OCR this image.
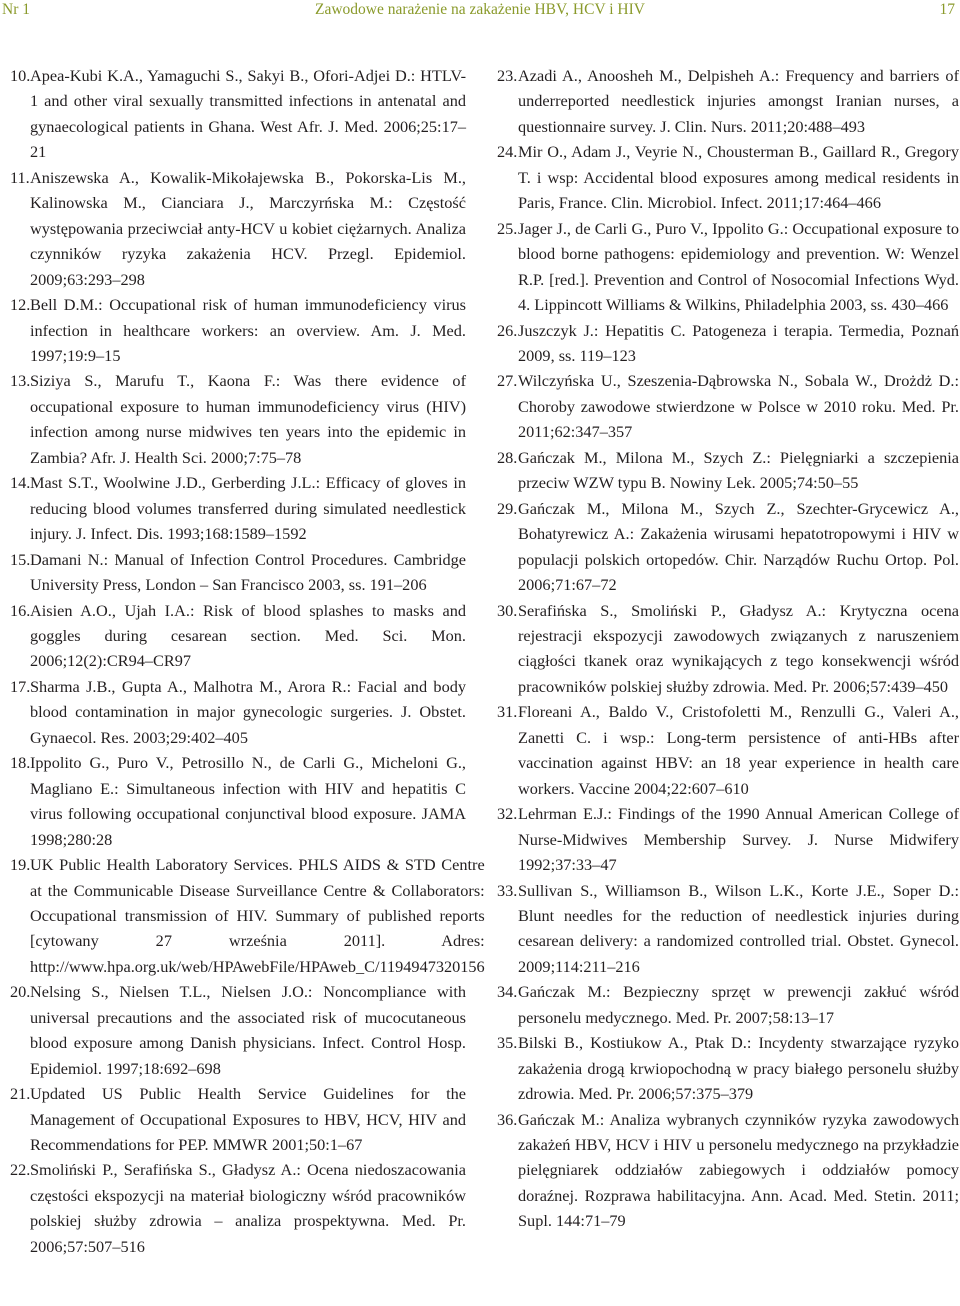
Nr 1	Zawodowe narażenie na zakażenie HBV, HCV i HIV	17
10. Apea-Kubi K.A., Yamaguchi S., Sakyi B., Ofori-Adjei D.: HTLV-1 and other viral sexually transmitted infections in antenatal and gynaecological patients in Ghana. West Afr. J. Med. 2006;25:17–21
11. Aniszewska A., Kowalik-Mikołajewska B., Pokorska-Lis M., Kalinowska M., Cianciara J., Marczyrńska M.: Częstość występowania przeciwciał anty-HCV u kobiet ciężarnych. Analiza czynników ryzyka zakażenia HCV. Przegl. Epidemiol. 2009;63:293–298
12. Bell D.M.: Occupational risk of human immunodeficiency virus infection in healthcare workers: an overview. Am. J. Med. 1997;19:9–15
13. Siziya S., Marufu T., Kaona F.: Was there evidence of occupational exposure to human immunodeficiency virus (HIV) infection among nurse midwives ten years into the epidemic in Zambia? Afr. J. Health Sci. 2000;7:75–78
14. Mast S.T., Woolwine J.D., Gerberding J.L.: Efficacy of gloves in reducing blood volumes transferred during simulated needlestick injury. J. Infect. Dis. 1993;168:1589–1592
15. Damani N.: Manual of Infection Control Procedures. Cambridge University Press, London – San Francisco 2003, ss. 191–206
16. Aisien A.O., Ujah I.A.: Risk of blood splashes to masks and goggles during cesarean section. Med. Sci. Mon. 2006;12(2):CR94–CR97
17. Sharma J.B., Gupta A., Malhotra M., Arora R.: Facial and body blood contamination in major gynecologic surgeries. J. Obstet. Gynaecol. Res. 2003;29:402–405
18. Ippolito G., Puro V., Petrosillo N., de Carli G., Micheloni G., Magliano E.: Simultaneous infection with HIV and hepatitis C virus following occupational conjunctival blood exposure. JAMA 1998;280:28
19. UK Public Health Laboratory Services. PHLS AIDS & STD Centre at the Communicable Disease Surveillance Centre & Collaborators: Occupational transmission of HIV. Summary of published reports [cytowany 27 września 2011]. Adres: http://www.hpa.org.uk/web/HPAwebFile/HPAweb_C/1194947320156
20. Nelsing S., Nielsen T.L., Nielsen J.O.: Noncompliance with universal precautions and the associated risk of mucocutaneous blood exposure among Danish physicians. Infect. Control Hosp. Epidemiol. 1997;18:692–698
21. Updated US Public Health Service Guidelines for the Management of Occupational Exposures to HBV, HCV, HIV and Recommendations for PEP. MMWR 2001;50:1–67
22. Smoliński P., Serafińska S., Gładysz A.: Ocena niedoszacowania częstości ekspozycji na materiał biologiczny wśród pracowników polskiej służby zdrowia – analiza prospektywna. Med. Pr. 2006;57:507–516
23. Azadi A., Anoosheh M., Delpisheh A.: Frequency and barriers of underreported needlestick injuries amongst Iranian nurses, a questionnaire survey. J. Clin. Nurs. 2011;20:488–493
24. Mir O., Adam J., Veyrie N., Chousterman B., Gaillard R., Gregory T. i wsp: Accidental blood exposures among medical residents in Paris, France. Clin. Microbiol. Infect. 2011;17:464–466
25. Jager J., de Carli G., Puro V., Ippolito G.: Occupational exposure to blood borne pathogens: epidemiology and prevention. W: Wenzel R.P. [red.]. Prevention and Control of Nosocomial Infections Wyd. 4. Lippincott Williams & Wilkins, Philadelphia 2003, ss. 430–466
26. Juszczyk J.: Hepatitis C. Patogeneza i terapia. Termedia, Poznań 2009, ss. 119–123
27. Wilczyńska U., Szeszenia-Dąbrowska N., Sobala W., Drożdż D.: Choroby zawodowe stwierdzone w Polsce w 2010 roku. Med. Pr. 2011;62:347–357
28. Gańczak M., Milona M., Szych Z.: Pielęgniarki a szczepienia przeciw WZW typu B. Nowiny Lek. 2005;74:50–55
29. Gańczak M., Milona M., Szych Z., Szechter-Grycewicz A., Bohatyrewicz A.: Zakażenia wirusami hepatotropowymi i HIV w populacji polskich ortopedów. Chir. Narządów Ruchu Ortop. Pol. 2006;71:67–72
30. Serafińska S., Smoliński P., Gładysz A.: Krytyczna ocena rejestracji ekspozycji zawodowych związanych z naruszeniem ciągłości tkanek oraz wynikających z tego konsekwencji wśród pracowników polskiej służby zdrowia. Med. Pr. 2006;57:439–450
31. Floreani A., Baldo V., Cristofoletti M., Renzulli G., Valeri A., Zanetti C. i wsp.: Long-term persistence of anti-HBs after vaccination against HBV: an 18 year experience in health care workers. Vaccine 2004;22:607–610
32. Lehrman E.J.: Findings of the 1990 Annual American College of Nurse-Midwives Membership Survey. J. Nurse Midwifery 1992;37:33–47
33. Sullivan S., Williamson B., Wilson L.K., Korte J.E., Soper D.: Blunt needles for the reduction of needlestick injuries during cesarean delivery: a randomized controlled trial. Obstet. Gynecol. 2009;114:211–216
34. Gańczak M.: Bezpieczny sprzęt w prewencji zakłuć wśród personelu medycznego. Med. Pr. 2007;58:13–17
35. Bilski B., Kostiukow A., Ptak D.: Incydenty stwarzające ryzyko zakażenia drogą krwiopochodną w pracy białego personelu służby zdrowia. Med. Pr. 2006;57:375–379
36. Gańczak M.: Analiza wybranych czynników ryzyka zawodowych zakażeń HBV, HCV i HIV u personelu medycznego na przykładzie pielęgniarek oddziałów zabiegowych i oddziałów pomocy doraźnej. Rozprawa habilitacyjna. Ann. Acad. Med. Stetin. 2011; Supl. 144:71–79
